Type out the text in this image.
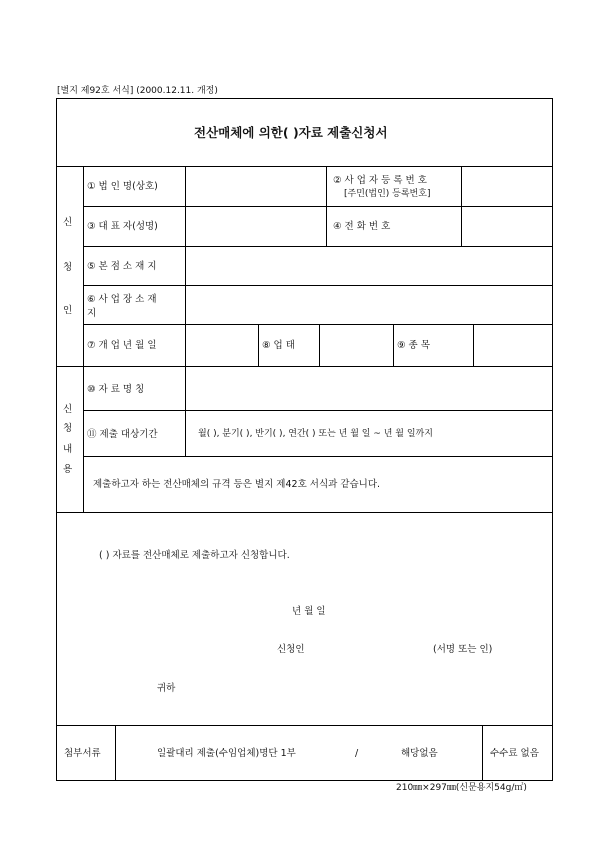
[별지 제92호 서식] (2000.12.11. 개정)
전산매체에 의한( )자료 제출신청서
신
청
인
① 법 인 명(상호)
② 사 업 자 등 록 번 호
[주민(법인) 등록번호]
③ 대 표 자(성명)	④ 전 화 번 호
⑤ 본 점 소 재 지
⑥ 사 업 장 소 재
지
⑦ 개 업 년 월 일	⑧ 업 태	⑨ 종 목
신
청
내
용
⑩ 자 료 명 칭
⑪ 제출 대상기간	월( ), 분기( ), 반기( ), 연간( ) 또는 년 월 일 ~ 년 월 일까지
제출하고자 하는 전산매체의 규격 등은 별지 제42호 서식과 같습니다.
( ) 자료를 전산매체로 제출하고자 신청합니다.
년 월 일
신청인	(서명 또는 인)
귀하
첨부서류	일괄대리 제출(수임업체)명단 1부	/	해당없음	수수료 없음
210㎜×297㎜(신문용지54g/㎡)
